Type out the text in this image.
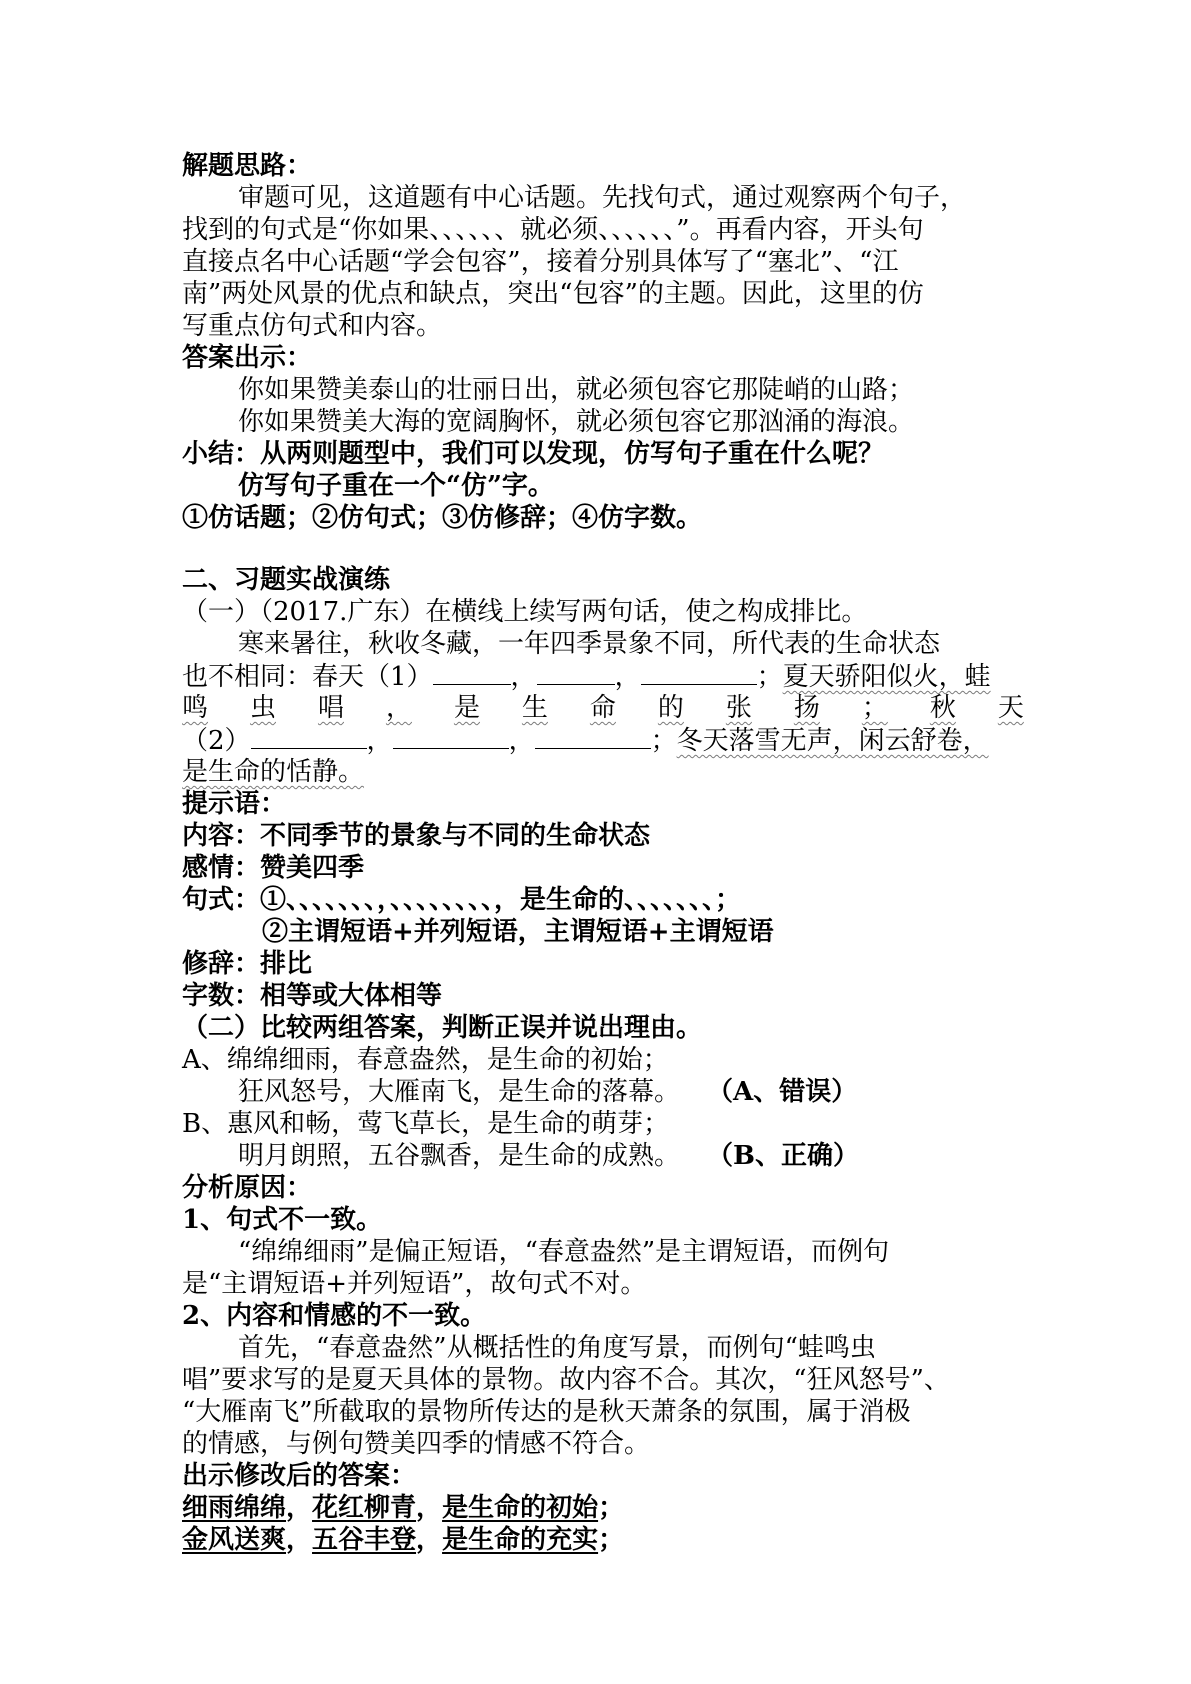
解题思路：
审题可见，这道题有中心话题。先找句式，通过观察两个句子，
找到的句式是“你如果、、、、、、就必须、、、、、、”。再看内容，开头句
直接点名中心话题“学会包容”，接着分别具体写了“塞北”、“江
南”两处风景的优点和缺点，突出“包容”的主题。因此，这里的仿
写重点仿句式和内容。
答案出示：
你如果赞美泰山的壮丽日出，就必须包容它那陡峭的山路；
你如果赞美大海的宽阔胸怀，就必须包容它那汹涌的海浪。
小结：从两则题型中，我们可以发现，仿写句子重在什么呢？
仿写句子重在一个“仿”字。
①仿话题；②仿句式；③仿修辞；④仿字数。
二、习题实战演练
（一）（2017.广东）在横线上续写两句话，使之构成排比。
寒来暑往，秋收冬藏，一年四季景象不同，所代表的生命状态
也不相同：春天（1）	，	，	；夏天骄阳似火，蛙
鸣 虫 唱 ， 是 生 命 的 张 扬 ； 秋 天
（2）	，	，	；冬天落雪无声，闲云舒卷，
是生命的恬静。
提示语：
内容：不同季节的景象与不同的生命状态
感情：赞美四季
句式：①、、、、、、、，、、、、、、、、，是生命的、、、、、、、；
②主谓短语+并列短语，主谓短语+主谓短语
修辞：排比
字数：相等或大体相等
（二）比较两组答案，判断正误并说出理由。
A、绵绵细雨，春意盎然，是生命的初始；
狂风怒号，大雁南飞，是生命的落幕。 （A、错误）
B、惠风和畅，莺飞草长，是生命的萌芽；
明月朗照，五谷飘香，是生命的成熟。 （B、正确）
分析原因：
1、句式不一致。
“绵绵细雨”是偏正短语，“春意盎然”是主谓短语，而例句
是“主谓短语+并列短语”，故句式不对。
2、内容和情感的不一致。
首先，“春意盎然”从概括性的角度写景，而例句“蛙鸣虫
唱”要求写的是夏天具体的景物。故内容不合。其次，“狂风怒号”、
“大雁南飞”所截取的景物所传达的是秋天萧条的氛围，属于消极
的情感，与例句赞美四季的情感不符合。
出示修改后的答案：
细雨绵绵，花红柳青，是生命的初始；
金风送爽，五谷丰登，是生命的充实；
